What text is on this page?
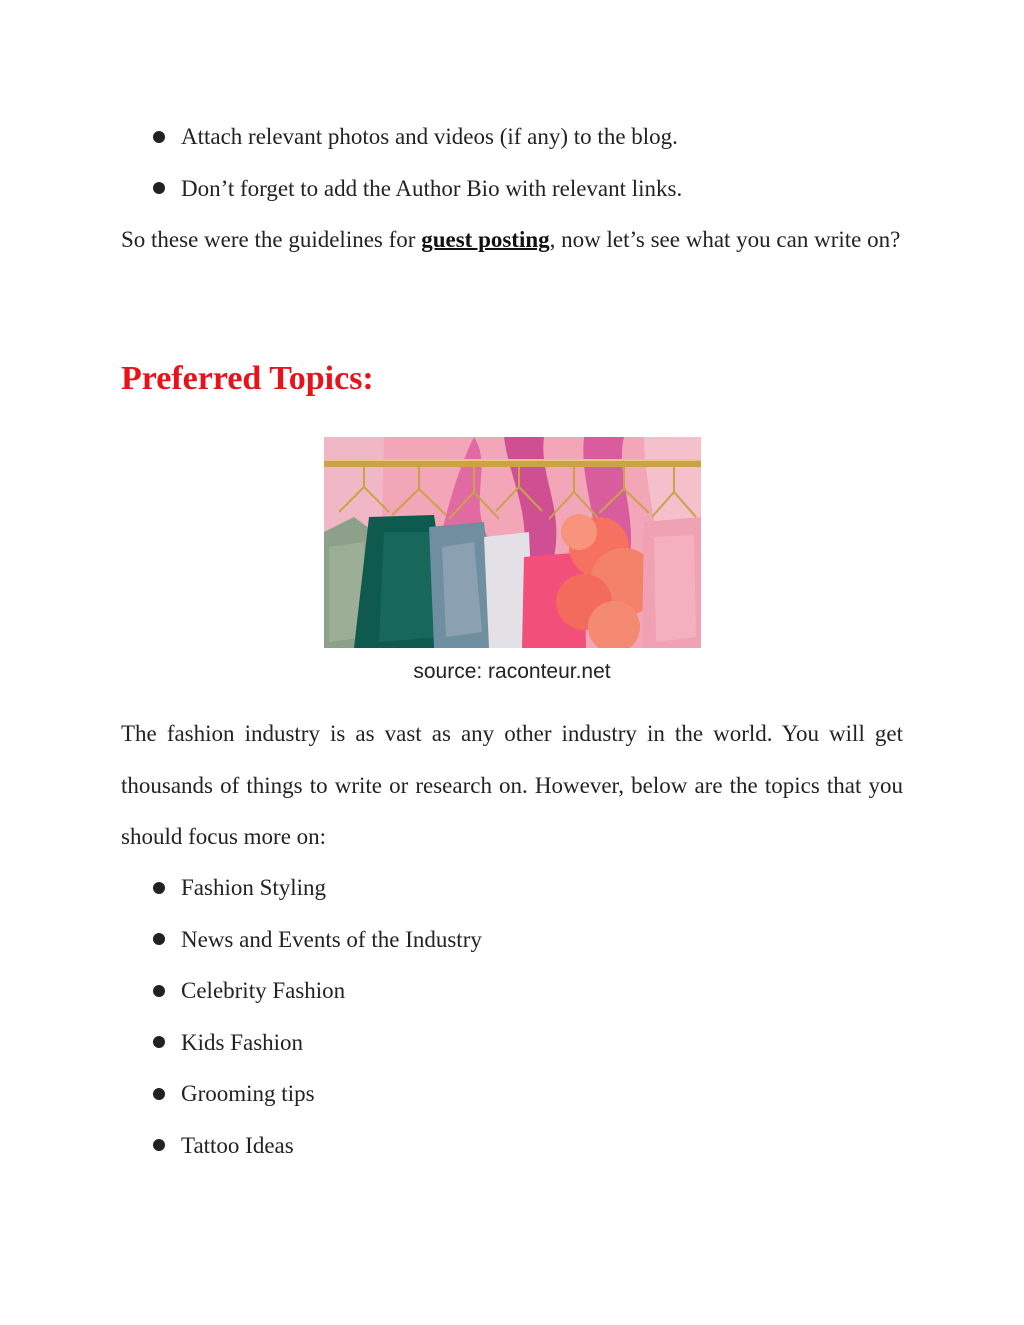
Attach relevant photos and videos (if any) to the blog.
Don’t forget to add the Author Bio with relevant links.

So these were the guidelines for guest posting, now let’s see what you can write on?

Preferred Topics:
source: raconteur.net

The fashion industry is as vast as any other industry in the world. You will get thousands of things to write or research on. However, below are the topics that you should focus more on:

Fashion Styling
News and Events of the Industry
Celebrity Fashion
Kids Fashion
Grooming tips
Tattoo Ideas
